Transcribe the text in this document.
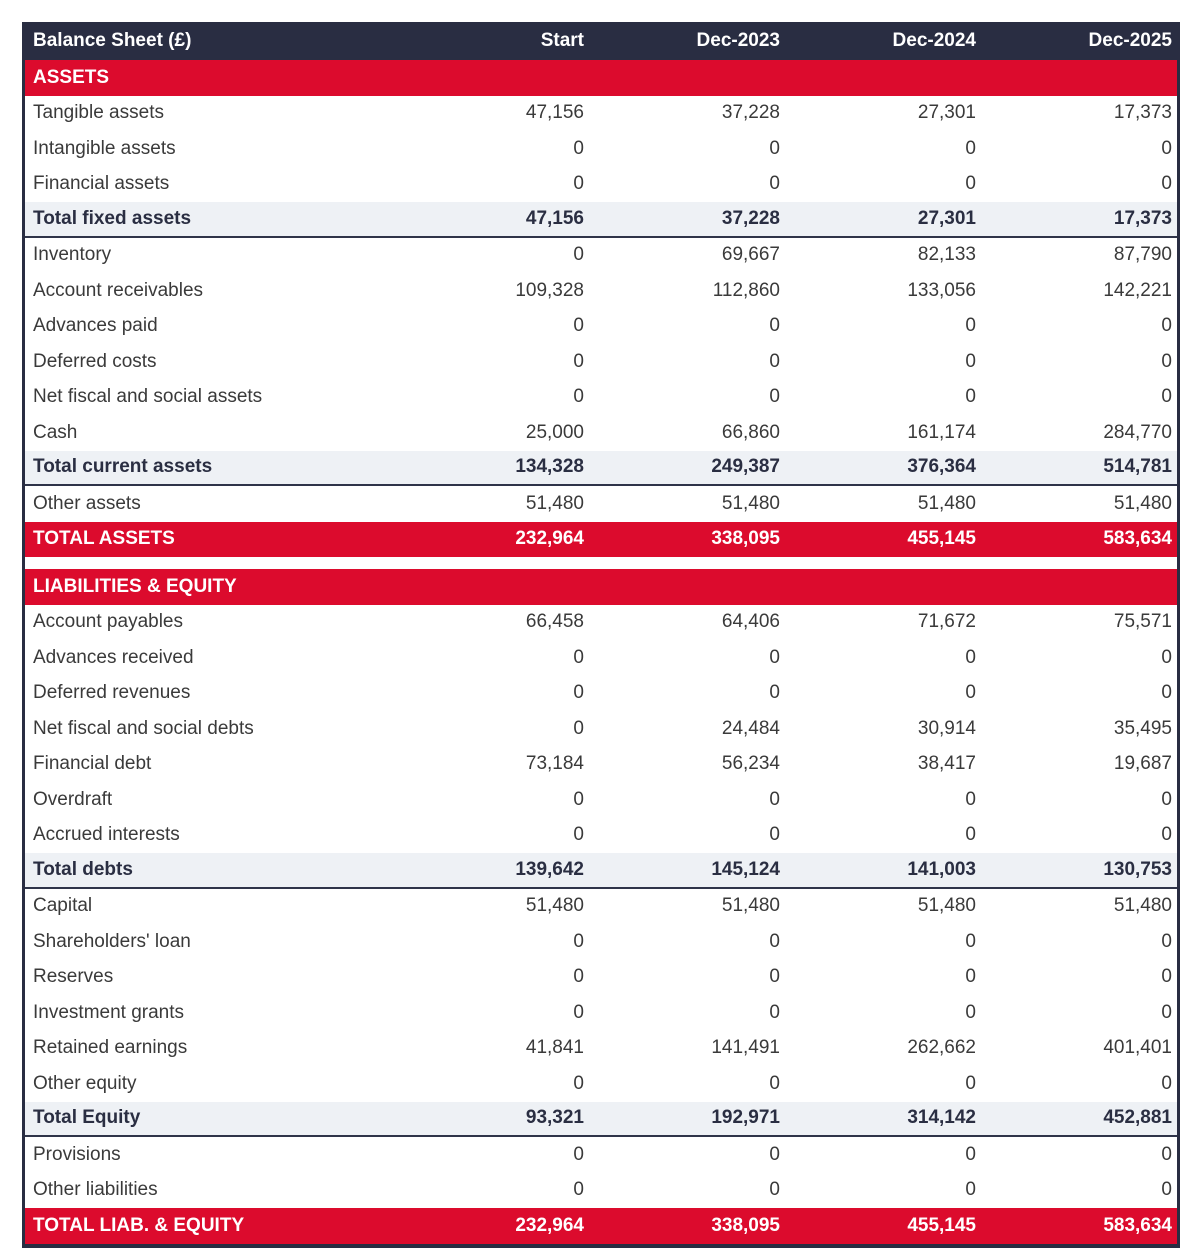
Balance Sheet (£)	Start	Dec-2023	Dec-2024	Dec-2025
ASSETS
Tangible assets	47,156	37,228	27,301	17,373
Intangible assets	0	0	0	0
Financial assets	0	0	0	0
Total fixed assets	47,156	37,228	27,301	17,373
Inventory	0	69,667	82,133	87,790
Account receivables	109,328	112,860	133,056	142,221
Advances paid	0	0	0	0
Deferred costs	0	0	0	0
Net fiscal and social assets	0	0	0	0
Cash	25,000	66,860	161,174	284,770
Total current assets	134,328	249,387	376,364	514,781
Other assets	51,480	51,480	51,480	51,480
TOTAL ASSETS	232,964	338,095	455,145	583,634
LIABILITIES & EQUITY
Account payables	66,458	64,406	71,672	75,571
Advances received	0	0	0	0
Deferred revenues	0	0	0	0
Net fiscal and social debts	0	24,484	30,914	35,495
Financial debt	73,184	56,234	38,417	19,687
Overdraft	0	0	0	0
Accrued interests	0	0	0	0
Total debts	139,642	145,124	141,003	130,753
Capital	51,480	51,480	51,480	51,480
Shareholders' loan	0	0	0	0
Reserves	0	0	0	0
Investment grants	0	0	0	0
Retained earnings	41,841	141,491	262,662	401,401
Other equity	0	0	0	0
Total Equity	93,321	192,971	314,142	452,881
Provisions	0	0	0	0
Other liabilities	0	0	0	0
TOTAL LIAB. & EQUITY	232,964	338,095	455,145	583,634
